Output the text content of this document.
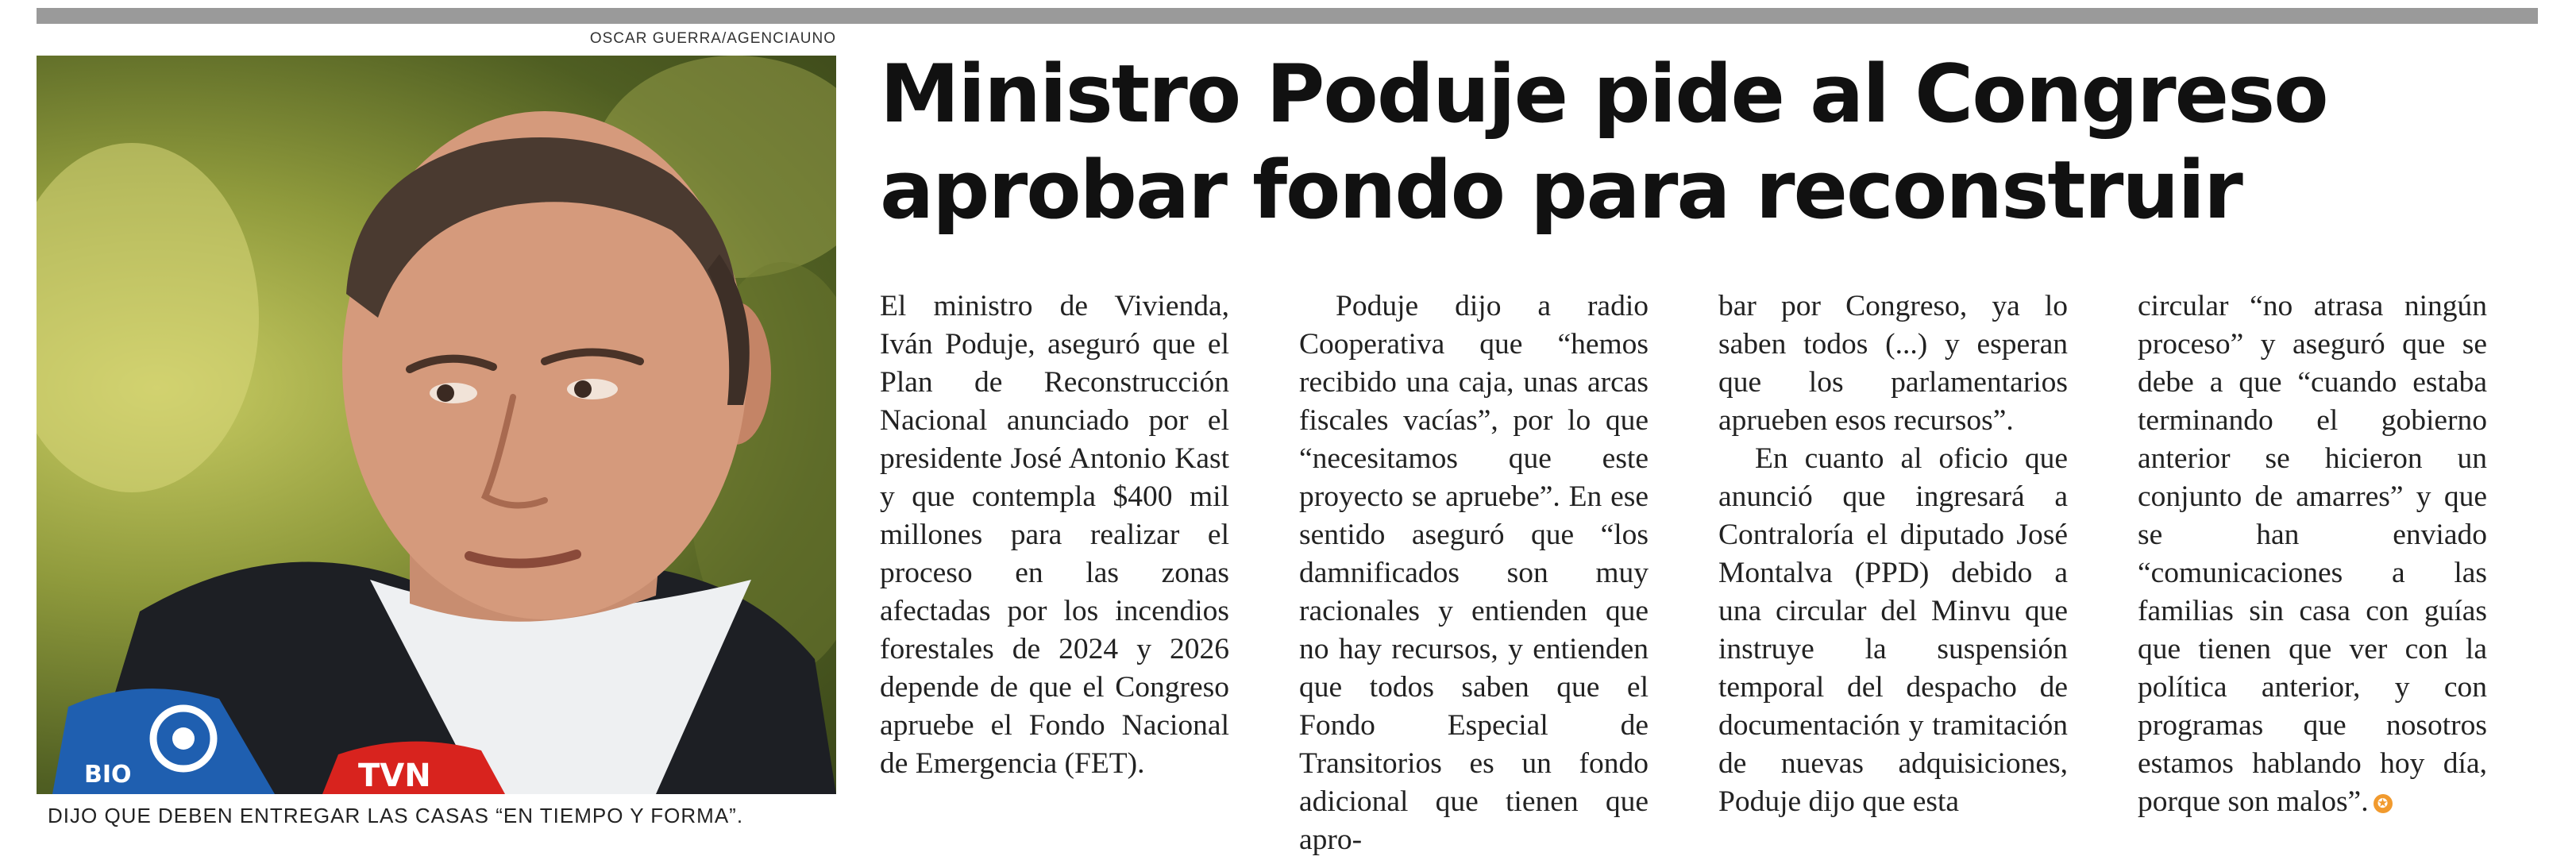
OSCAR GUERRA/AGENCIAUNO
BIO	TVN
DIJO QUE DEBEN ENTREGAR LAS CASAS “EN TIEMPO Y FORMA”.
Ministro Poduje pide al Congreso aprobar fondo para reconstruir

El ministro de Vivienda, Iván Poduje, aseguró que el Plan de Reconstrucción Nacional anunciado por el presidente José Antonio Kast y que contempla $400 mil millones para realizar el proceso en las zonas afectadas por los incendios forestales de 2024 y 2026 depende de que el Congreso apruebe el Fondo Nacional de Emergencia (FET).

Poduje dijo a radio Cooperativa que “hemos recibido una caja, unas arcas fiscales vacías”, por lo que “necesitamos que este proyecto se apruebe”. En ese sentido aseguró que “los damnificados son muy racionales y entienden que no hay recursos, y entienden que todos saben que el Fondo Especial de Transitorios es un fondo adicional que tienen que apro-

bar por Congreso, ya lo saben todos (...) y esperan que los parlamentarios aprueben esos recursos”.

En cuanto al oficio que anunció que ingresará a Contraloría el diputado José Montalva (PPD) debido a una circular del Minvu que instruye la suspensión temporal del despacho de documentación y tramitación de nuevas adquisiciones, Poduje dijo que esta

circular “no atrasa ningún proceso” y aseguró que se debe a que “cuando estaba terminando el gobierno anterior se hicieron un conjunto de amarres” y que se han enviado “comunicaciones a las familias sin casa con guías que tienen que ver con la política anterior, y con programas que nosotros estamos hablando hoy día, porque son malos”. ✪
